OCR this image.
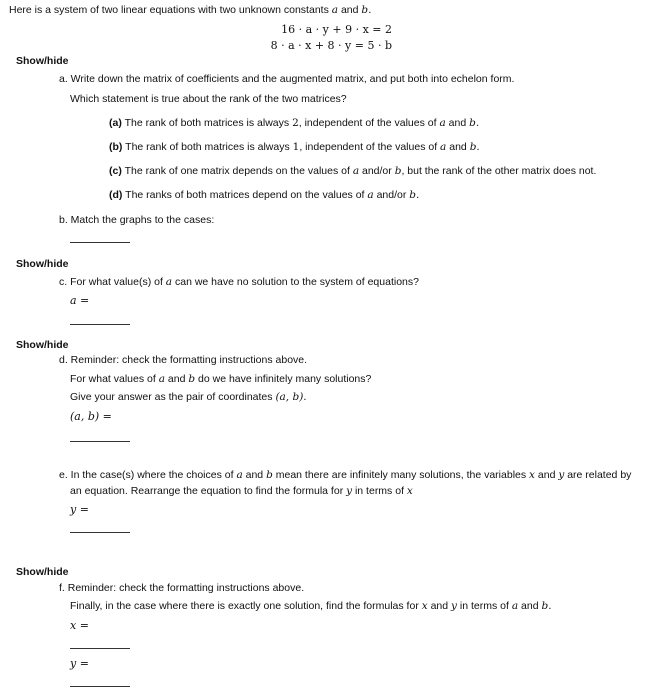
Here is a system of two linear equations with two unknown constants a and b.
16 · a · y + 9 · x = 2
8 · a · x + 8 · y = 5 · b
Show/hide
a. Write down the matrix of coefficients and the augmented matrix, and put both into echelon form.
Which statement is true about the rank of the two matrices?
(a) The rank of both matrices is always 2, independent of the values of a and b.
(b) The rank of both matrices is always 1, independent of the values of a and b.
(c) The rank of one matrix depends on the values of a and/or b, but the rank of the other matrix does not.
(d) The ranks of both matrices depend on the values of a and/or b.
b. Match the graphs to the cases:
Show/hide
c. For what value(s) of a can we have no solution to the system of equations?
a =
Show/hide
d. Reminder: check the formatting instructions above.
For what values of a and b do we have infinitely many solutions?
Give your answer as the pair of coordinates (a, b).
(a, b) =
e. In the case(s) where the choices of a and b mean there are infinitely many solutions, the variables x and y are related by
an equation. Rearrange the equation to find the formula for y in terms of x
y =
Show/hide
f. Reminder: check the formatting instructions above.
Finally, in the case where there is exactly one solution, find the formulas for x and y in terms of a and b.
x =
y =
